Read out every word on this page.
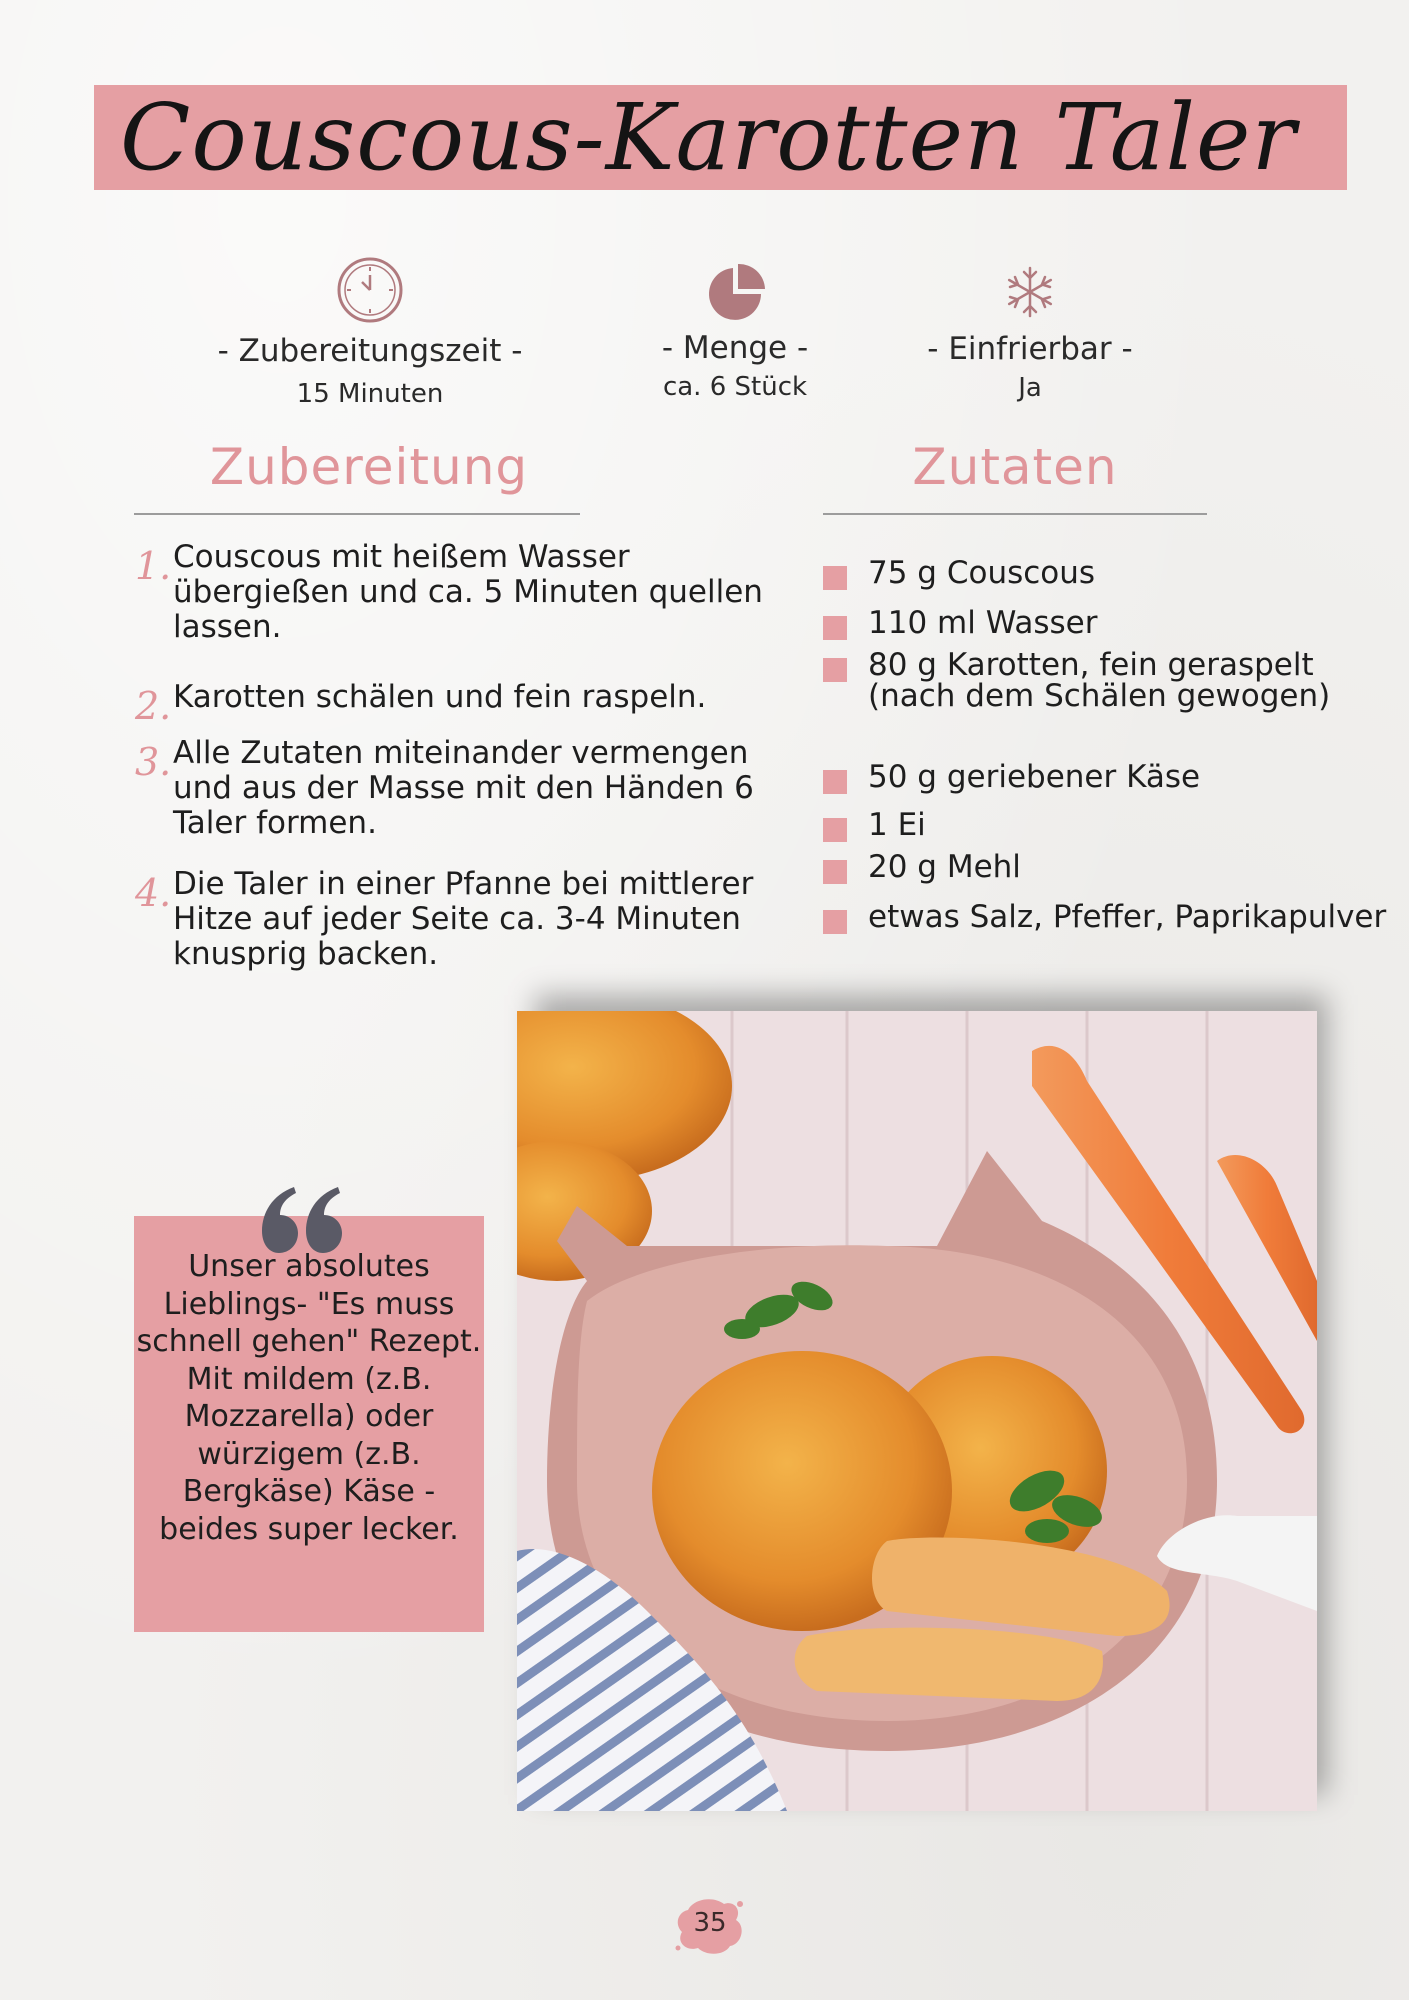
Couscous-Karotten Taler
- Zubereitungszeit -
15 Minuten
- Menge -
ca. 6 Stück
- Einfrierbar -
Ja
Zubereitung	Zutaten
1. Couscous mit heißem Wasser übergießen und ca. 5 Minuten quellen lassen.
2. Karotten schälen und fein raspeln.
3. Alle Zutaten miteinander vermengen und aus der Masse mit den Händen 6 Taler formen.
4. Die Taler in einer Pfanne bei mittlerer Hitze auf jeder Seite ca. 3-4 Minuten knusprig backen.
75 g Couscous
110 ml Wasser
80 g Karotten, fein geraspelt (nach dem Schälen gewogen)
50 g geriebener Käse
1 Ei
20 g Mehl
etwas Salz, Pfeffer, Paprikapulver
Unser absolutes Lieblings- "Es muss schnell gehen" Rezept. Mit mildem (z.B. Mozzarella) oder würzigem (z.B. Bergkäse) Käse - beides super lecker.
35
